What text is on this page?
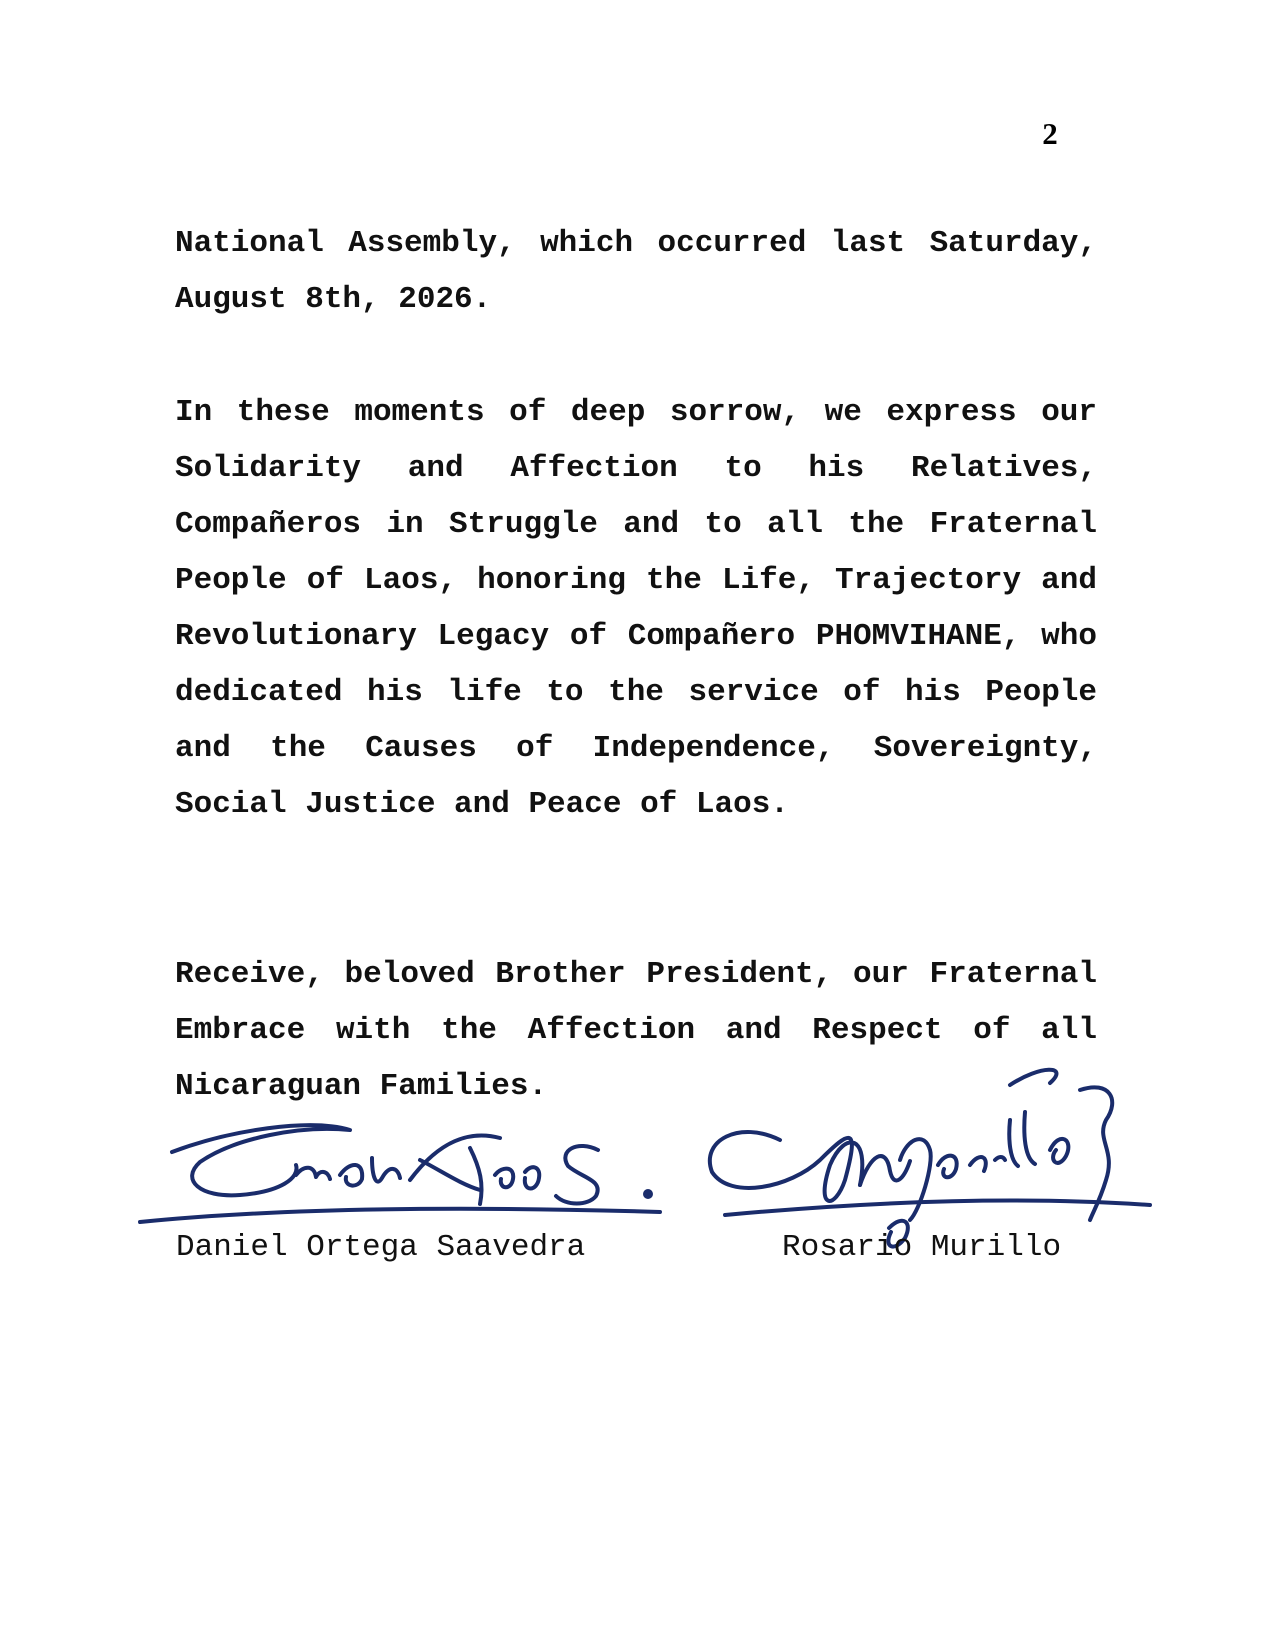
2

National Assembly, which occurred last Saturday, August 8th, 2026.

In these moments of deep sorrow, we express our Solidarity and Affection to his Relatives, Compañeros in Struggle and to all the Fraternal People of Laos, honoring the Life, Trajectory and Revolutionary Legacy of Compañero PHOMVIHANE, who dedicated his life to the service of his People and the Causes of Independence, Sovereignty, Social Justice and Peace of Laos.

Receive, beloved Brother President, our Fraternal Embrace with the Affection and Respect of all Nicaraguan Families.

Daniel Ortega Saavedra	Rosario Murillo
